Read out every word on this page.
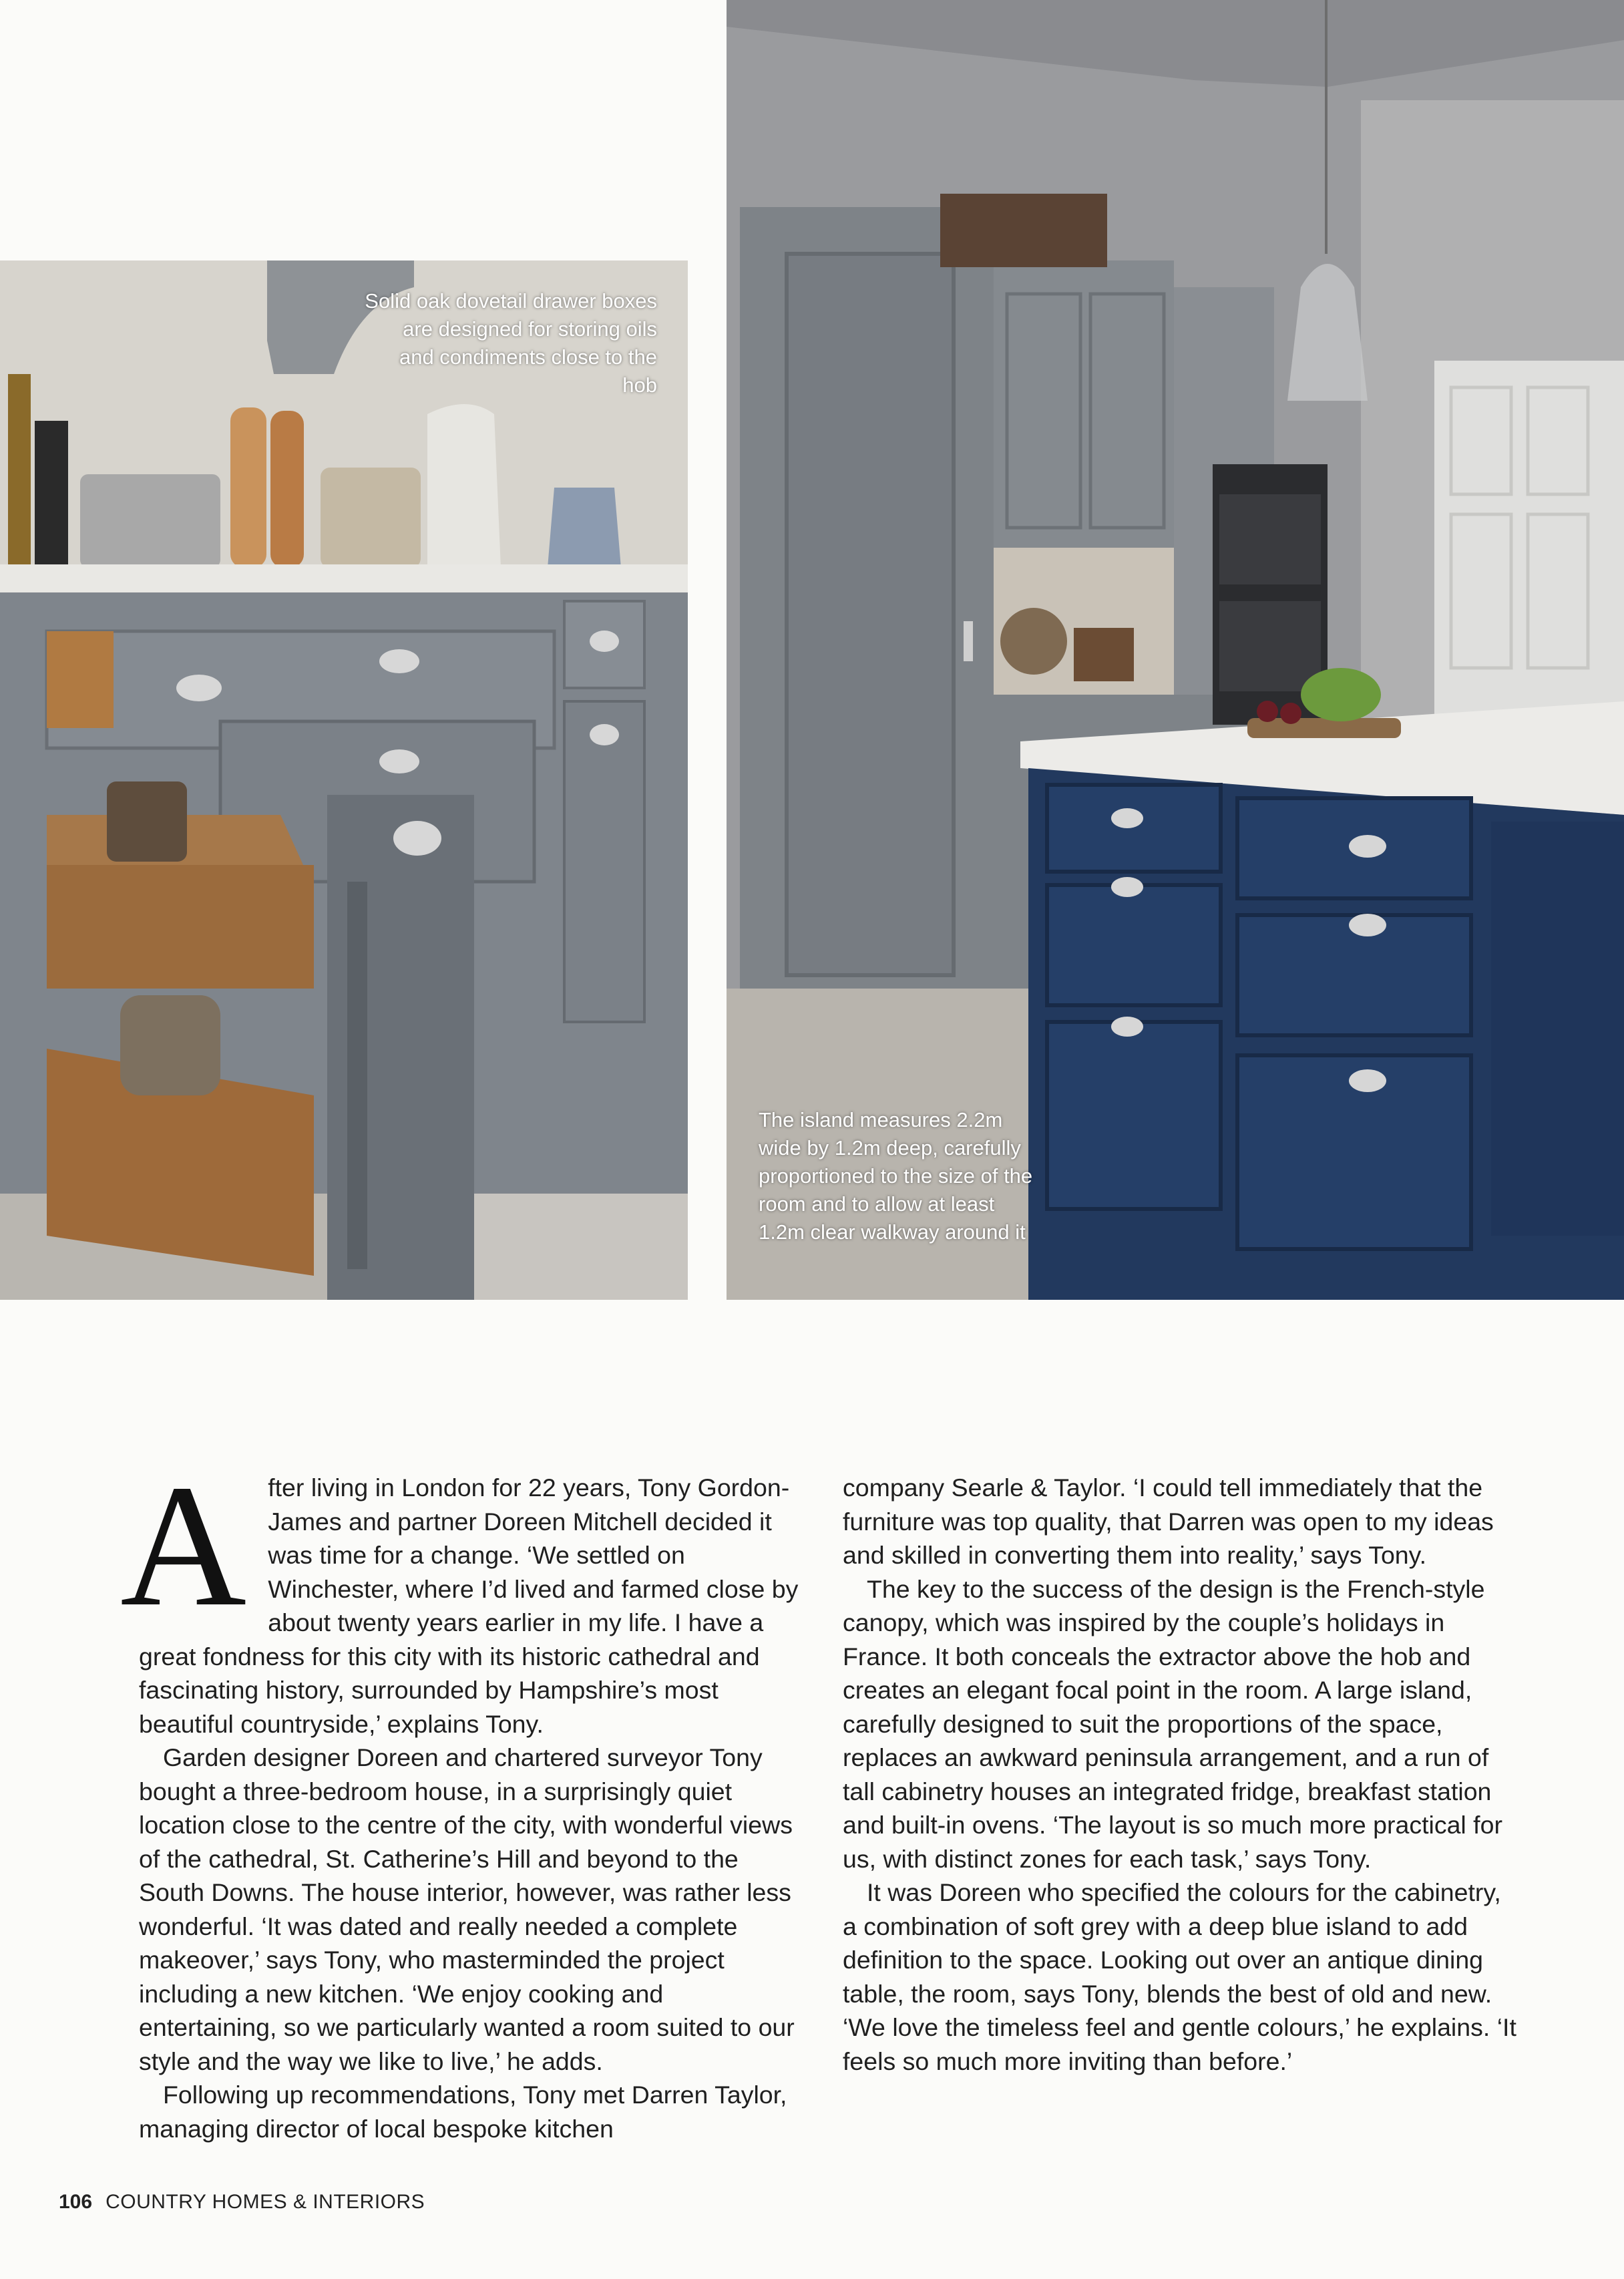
Solid oak dovetail drawer boxes are designed for storing oils and condiments close to the hob
The island measures 2.2m wide by 1.2m deep, carefully proportioned to the size of the room and to allow at least 1.2m clear walkway around it

After living in London for 22 years, Tony Gordon-James and partner Doreen Mitchell decided it was time for a change. ‘We settled on Winchester, where I’d lived and farmed close by about twenty years earlier in my life. I have a great fondness for this city with its historic cathedral and fascinating history, surrounded by Hampshire’s most beautiful countryside,’ explains Tony.

Garden designer Doreen and chartered surveyor Tony bought a three-bedroom house, in a surprisingly quiet location close to the centre of the city, with wonderful views of the cathedral, St. Catherine’s Hill and beyond to the South Downs. The house interior, however, was rather less wonderful. ‘It was dated and really needed a complete makeover,’ says Tony, who masterminded the project including a new kitchen. ‘We enjoy cooking and entertaining, so we particularly wanted a room suited to our style and the way we like to live,’ he adds.

Following up recommendations, Tony met Darren Taylor, managing director of local bespoke kitchen

company Searle & Taylor. ‘I could tell immediately that the furniture was top quality, that Darren was open to my ideas and skilled in converting them into reality,’ says Tony.

The key to the success of the design is the French-style canopy, which was inspired by the couple’s holidays in France. It both conceals the extractor above the hob and creates an elegant focal point in the room. A large island, carefully designed to suit the proportions of the space, replaces an awkward peninsula arrangement, and a run of tall cabinetry houses an integrated fridge, breakfast station and built-in ovens. ‘The layout is so much more practical for us, with distinct zones for each task,’ says Tony.

It was Doreen who specified the colours for the cabinetry, a combination of soft grey with a deep blue island to add definition to the space. Looking out over an antique dining table, the room, says Tony, blends the best of old and new. ‘We love the timeless feel and gentle colours,’ he explains. ‘It feels so much more inviting than before.’

106 COUNTRY HOMES & INTERIORS
